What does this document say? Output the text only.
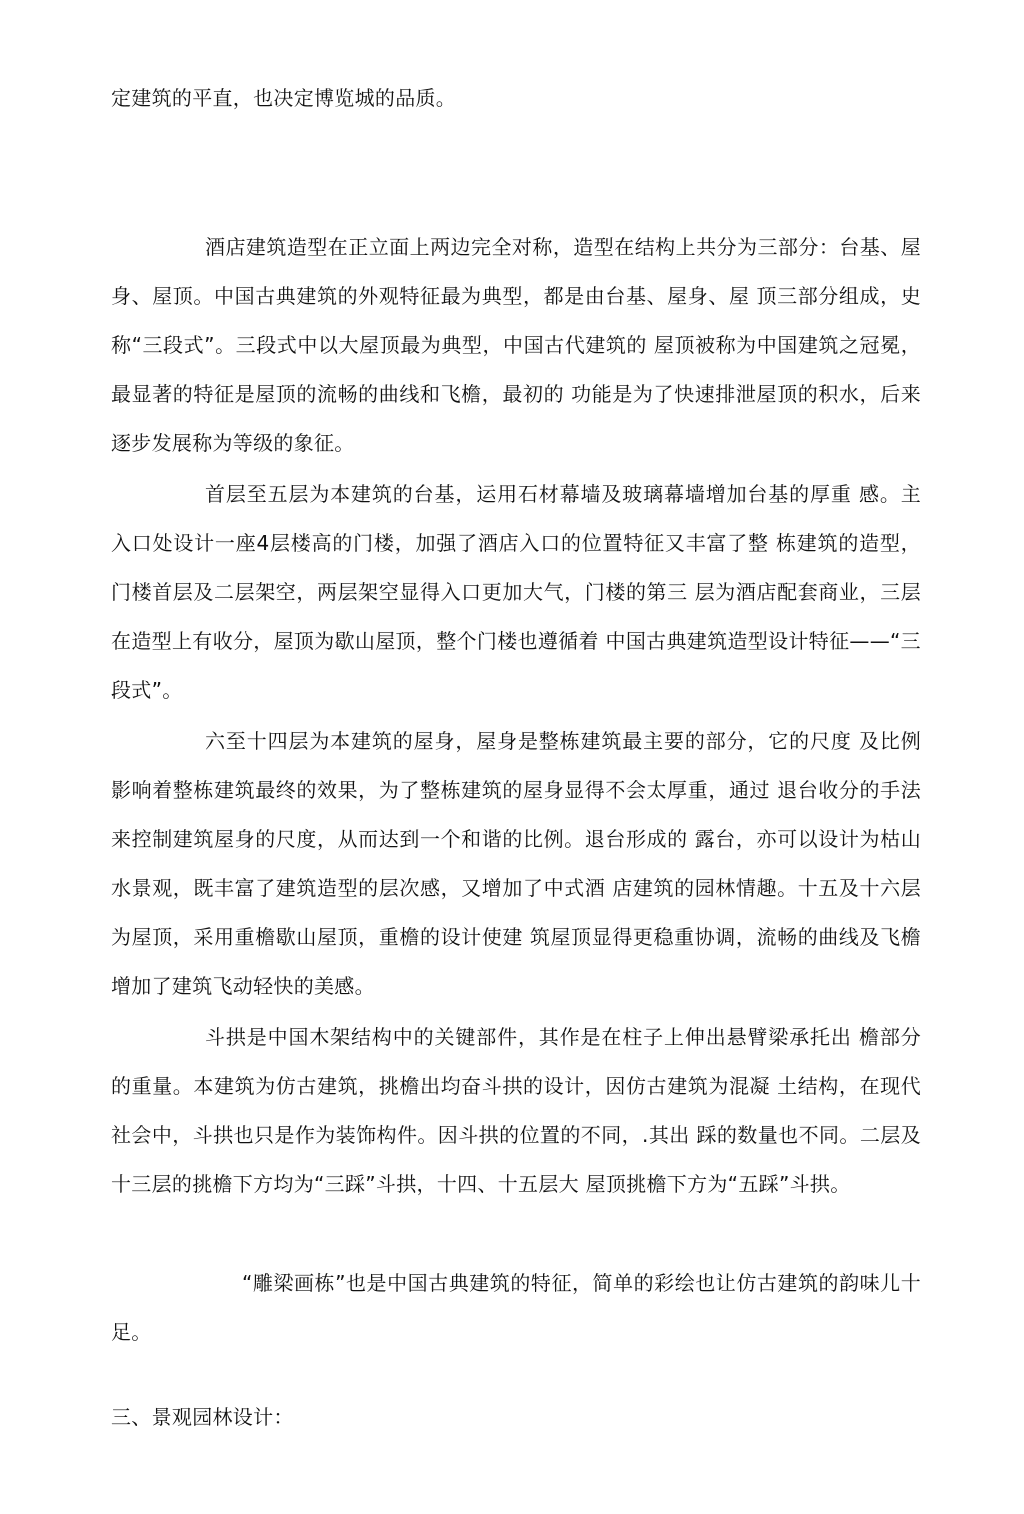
定建筑的平直，也决定博览城的品质。

酒店建筑造型在正立面上两边完全对称，造型在结构上共分为三部分：台基、屋身、屋顶。中国古典建筑的外观特征最为典型，都是由台基、屋身、屋 顶三部分组成，史称“三段式”。三段式中以大屋顶最为典型，中国古代建筑的 屋顶被称为中国建筑之冠冕，最显著的特征是屋顶的流畅的曲线和飞檐，最初的 功能是为了快速排泄屋顶的积水，后来逐步发展称为等级的象征。

首层至五层为本建筑的台基，运用石材幕墙及玻璃幕墙增加台基的厚重 感。主入口处设计一座4层楼高的门楼，加强了酒店入口的位置特征又丰富了整 栋建筑的造型，门楼首层及二层架空，两层架空显得入口更加大气，门楼的第三 层为酒店配套商业，三层在造型上有收分，屋顶为歇山屋顶，整个门楼也遵循着 中国古典建筑造型设计特征——“三段式”。

六至十四层为本建筑的屋身，屋身是整栋建筑最主要的部分，它的尺度 及比例影响着整栋建筑最终的效果，为了整栋建筑的屋身显得不会太厚重，通过 退台收分的手法来控制建筑屋身的尺度，从而达到一个和谐的比例。退台形成的 露台，亦可以设计为枯山水景观，既丰富了建筑造型的层次感，又增加了中式酒 店建筑的园林情趣。十五及十六层为屋顶，采用重檐歇山屋顶，重檐的设计使建 筑屋顶显得更稳重协调，流畅的曲线及飞檐增加了建筑飞动轻快的美感。

斗拱是中国木架结构中的关键部件，其作是在柱子上伸出悬臂梁承托出 檐部分的重量。本建筑为仿古建筑，挑檐出均奋斗拱的设计，因仿古建筑为混凝 土结构，在现代社会中，斗拱也只是作为装饰构件。因斗拱的位置的不同，.其出 踩的数量也不同。二层及十三层的挑檐下方均为“三踩”斗拱，十四、十五层大 屋顶挑檐下方为“五踩”斗拱。

“雕梁画栋”也是中国古典建筑的特征，简单的彩绘也让仿古建筑的韵味儿十足。

三、景观园林设计：
